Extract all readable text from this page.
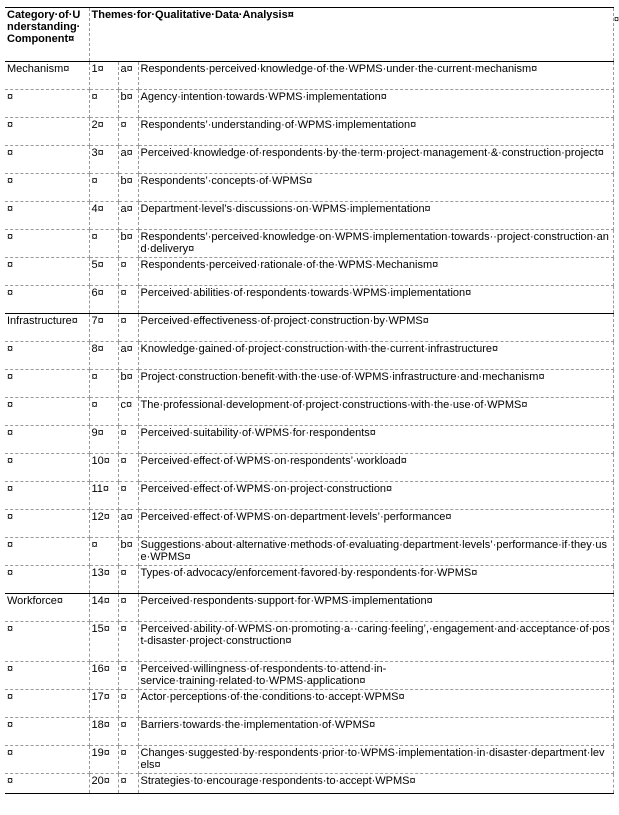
Category·of·Understanding·Component¤	Themes·for·Qualitative·Data·Analysis¤		
Mechanism¤	1¤	a¤	Respondents·perceived·knowledge·of·the·WPMS·under·the·current·mechanism¤
¤	¤	b¤	Agency·intention·towards·WPMS·implementation¤
¤	2¤	¤	Respondents’·understanding·of·WPMS·implementation¤
¤	3¤	a¤	Perceived·knowledge·of·respondents·by·the·term·project·management·&·construction·project¤
¤	¤	b¤	Respondents’·concepts·of·WPMS¤
¤	4¤	a¤	Department·level’s·discussions·on·WPMS·implementation¤
¤	¤	b¤	Respondents’·perceived·knowledge·on·WPMS·implementation·towards··project·construction·and·delivery¤
¤	5¤	¤	Respondents·perceived·rationale·of·the·WPMS·Mechanism¤
¤	6¤	¤	Perceived·abilities·of·respondents·towards·WPMS·implementation¤
Infrastructure¤	7¤	¤	Perceived·effectiveness·of·project·construction·by·WPMS¤
¤	8¤	a¤	Knowledge·gained·of·project·construction·with·the·current·infrastructure¤
¤	¤	b¤	Project·construction·benefit·with·the·use·of·WPMS·infrastructure·and·mechanism¤
¤	¤	c¤	The·professional·development·of·project·constructions·with·the·use·of·WPMS¤
¤	9¤	¤	Perceived·suitability·of·WPMS·for·respondents¤
¤	10¤	¤	Perceived·effect·of·WPMS·on·respondents’·workload¤
¤	11¤	¤	Perceived·effect·of·WPMS·on·project·construction¤
¤	12¤	a¤	Perceived·effect·of·WPMS·on·department·levels’·performance¤
¤	¤	b¤	Suggestions·about·alternative·methods·of·evaluating·department·levels’·performance·if·they·use·WPMS¤
¤	13¤	¤	Types·of·advocacy/enforcement·favored·by·respondents·for·WPMS¤
Workforce¤	14¤	¤	Perceived·respondents·support·for·WPMS·implementation¤
¤	15¤	¤	Perceived·ability·of·WPMS·on·promoting·a··caring·feeling’,·engagement·and·acceptance·of·post-disaster·project·construction¤
¤	16¤	¤	Perceived·willingness·of·respondents·to·attend·in-service·training·related·to·WPMS·application¤
¤	17¤	¤	Actor·perceptions·of·the·conditions·to·accept·WPMS¤
¤	18¤	¤	Barriers·towards·the·implementation·of·WPMS¤
¤	19¤	¤	Changes·suggested·by·respondents·prior·to·WPMS·implementation·in·disaster·department·levels¤
¤	20¤	¤	Strategies·to·encourage·respondents·to·accept·WPMS¤
¤
